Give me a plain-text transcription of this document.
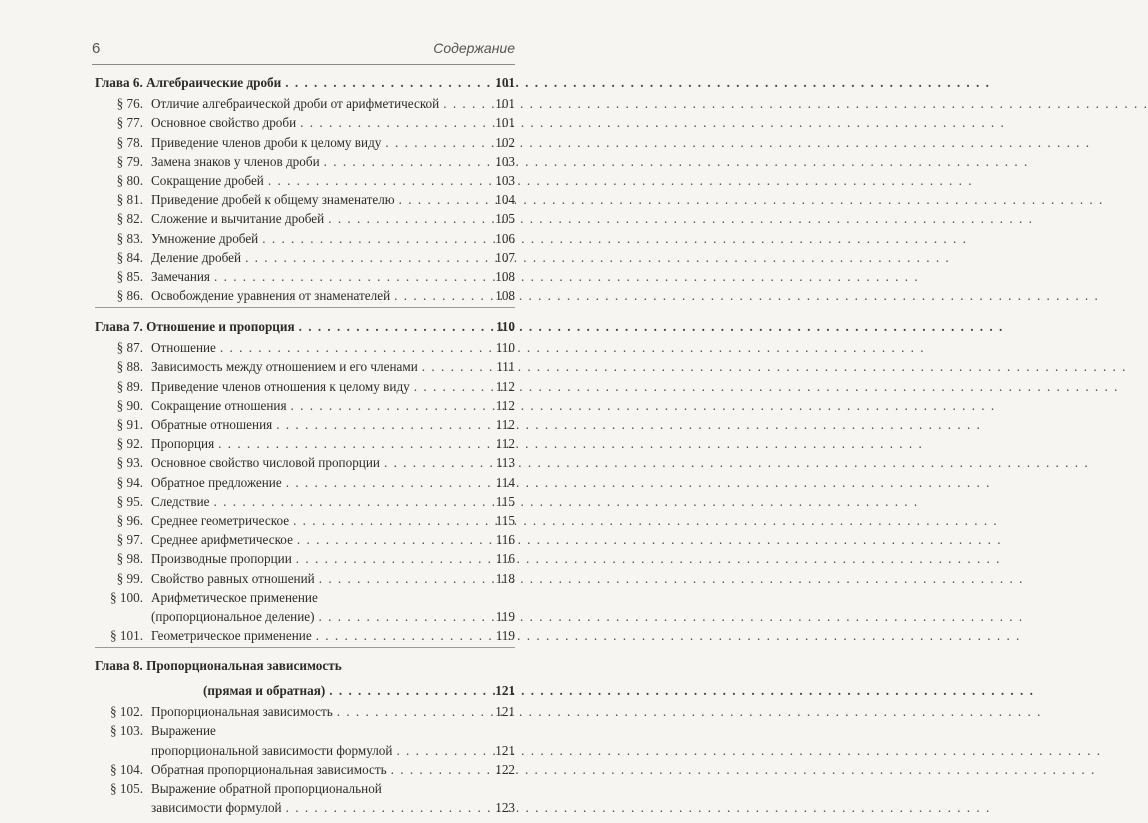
6	Содержание
Глава 6. Алгебраические дроби . . .	101
§ 76. Отличие алгебраической дроби от арифметической . . .	101
§ 77. Основное свойство дроби . . .	101
§ 78. Приведение членов дроби к целому виду . . .	102
§ 79. Замена знаков у членов дроби . . .	103
§ 80. Сокращение дробей . . .	103
§ 81. Приведение дробей к общему знаменателю . . .	104
§ 82. Сложение и вычитание дробей . . .	105
§ 83. Умножение дробей . . .	106
§ 84. Деление дробей . . .	107
§ 85. Замечания . . .	108
§ 86. Освобождение уравнения от знаменателей . . .	108
Глава 7. Отношение и пропорция . . .	110
§ 87. Отношение . . .	110
§ 88. Зависимость между отношением и его членами . . .	111
§ 89. Приведение членов отношения к целому виду . . .	112
§ 90. Сокращение отношения . . .	112
§ 91. Обратные отношения . . .	112
§ 92. Пропорция . . .	112
§ 93. Основное свойство числовой пропорции . . .	113
§ 94. Обратное предложение . . .	114
§ 95. Следствие . . .	115
§ 96. Среднее геометрическое . . .	115
§ 97. Среднее арифметическое . . .	116
§ 98. Производные пропорции . . .	116
§ 99. Свойство равных отношений . . .	118
§ 100. Арифметическое применение
(пропорциональное деление) . . .	119
§ 101. Геометрическое применение . . .	119
Глава 8. Пропорциональная зависимость
(прямая и обратная) . . .	121
§ 102. Пропорциональная зависимость . . .	121
§ 103. Выражение
пропорциональной зависимости формулой . . .	121
§ 104. Обратная пропорциональная зависимость . . .	122
§ 105. Выражение обратной пропорциональной
зависимости формулой . . .	123
